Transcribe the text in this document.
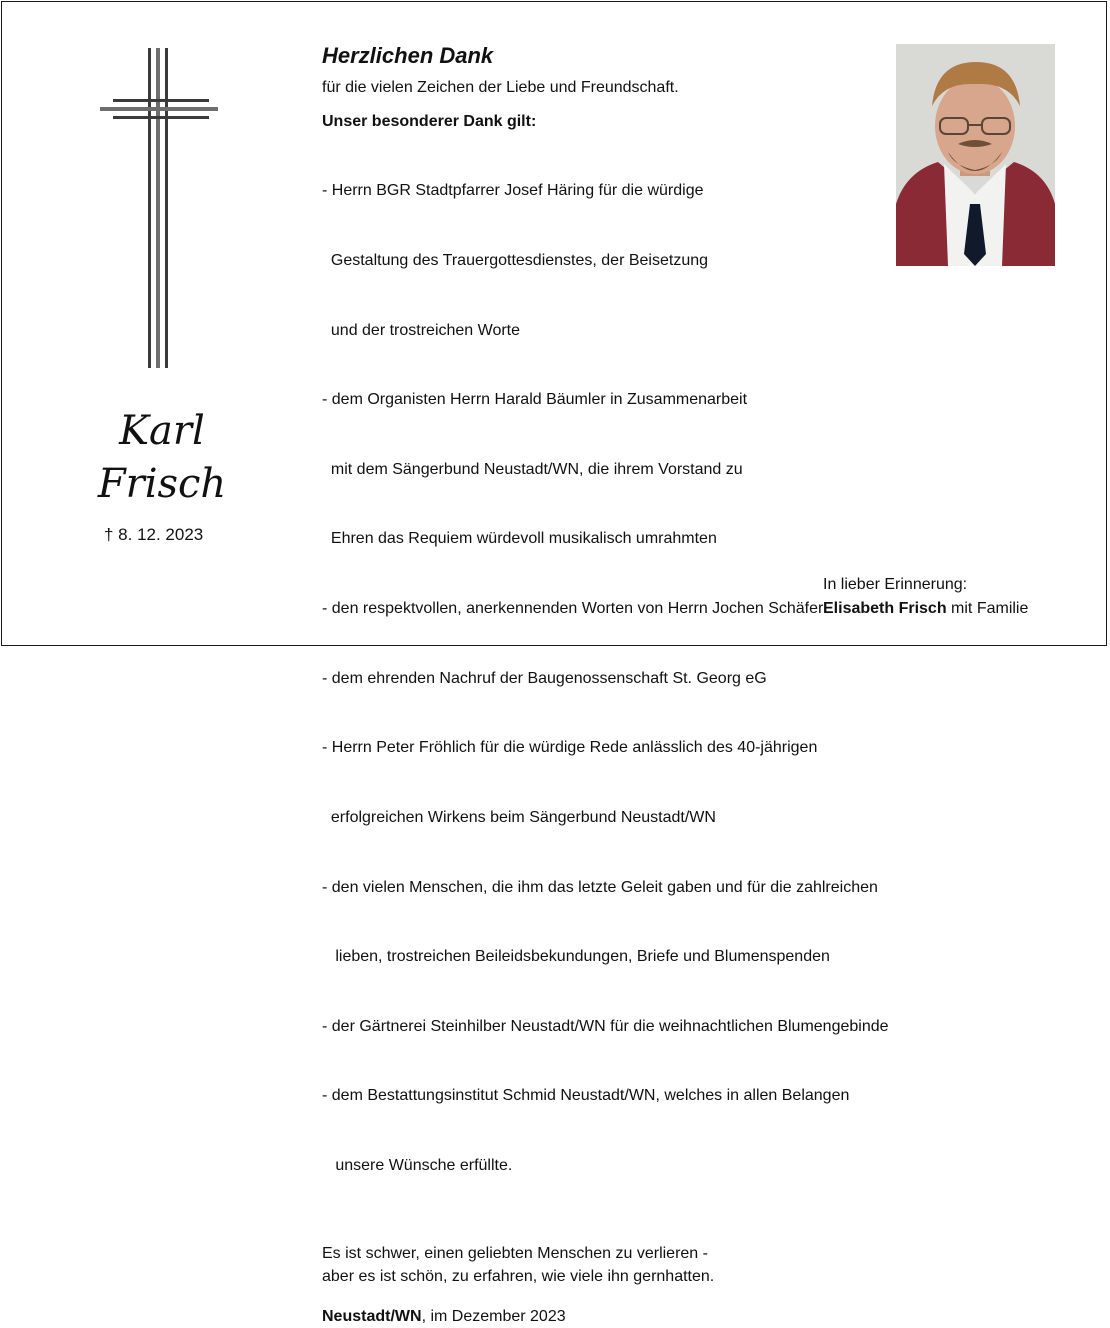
Karl
Frisch
† 8. 12. 2023
Herzlichen Dank
für die vielen Zeichen der Liebe und Freundschaft.
Unser besonderer Dank gilt:

- Herrn BGR Stadtpfarrer Josef Häring für die würdige

Gestaltung des Trauergottesdienstes, der Beisetzung

und der trostreichen Worte

- dem Organisten Herrn Harald Bäumler in Zusammenarbeit

mit dem Sängerbund Neustadt/WN, die ihrem Vorstand zu

Ehren das Requiem würdevoll musikalisch umrahmten

- den respektvollen, anerkennenden Worten von Herrn Jochen Schäfer

- dem ehrenden Nachruf der Baugenossenschaft St. Georg eG

- Herrn Peter Fröhlich für die würdige Rede anlässlich des 40-jährigen

erfolgreichen Wirkens beim Sängerbund Neustadt/WN

- den vielen Menschen, die ihm das letzte Geleit gaben und für die zahlreichen

lieben, trostreichen Beileidsbekundungen, Briefe und Blumenspenden

- der Gärtnerei Steinhilber Neustadt/WN für die weihnachtlichen Blumengebinde

- dem Bestattungsinstitut Schmid Neustadt/WN, welches in allen Belangen

unsere Wünsche erfüllte.

Es ist schwer, einen geliebten Menschen zu verlieren -
aber es ist schön, zu erfahren, wie viele ihn gernhatten.
Neustadt/WN, im Dezember 2023
In lieber Erinnerung:
Elisabeth Frisch mit Familie
